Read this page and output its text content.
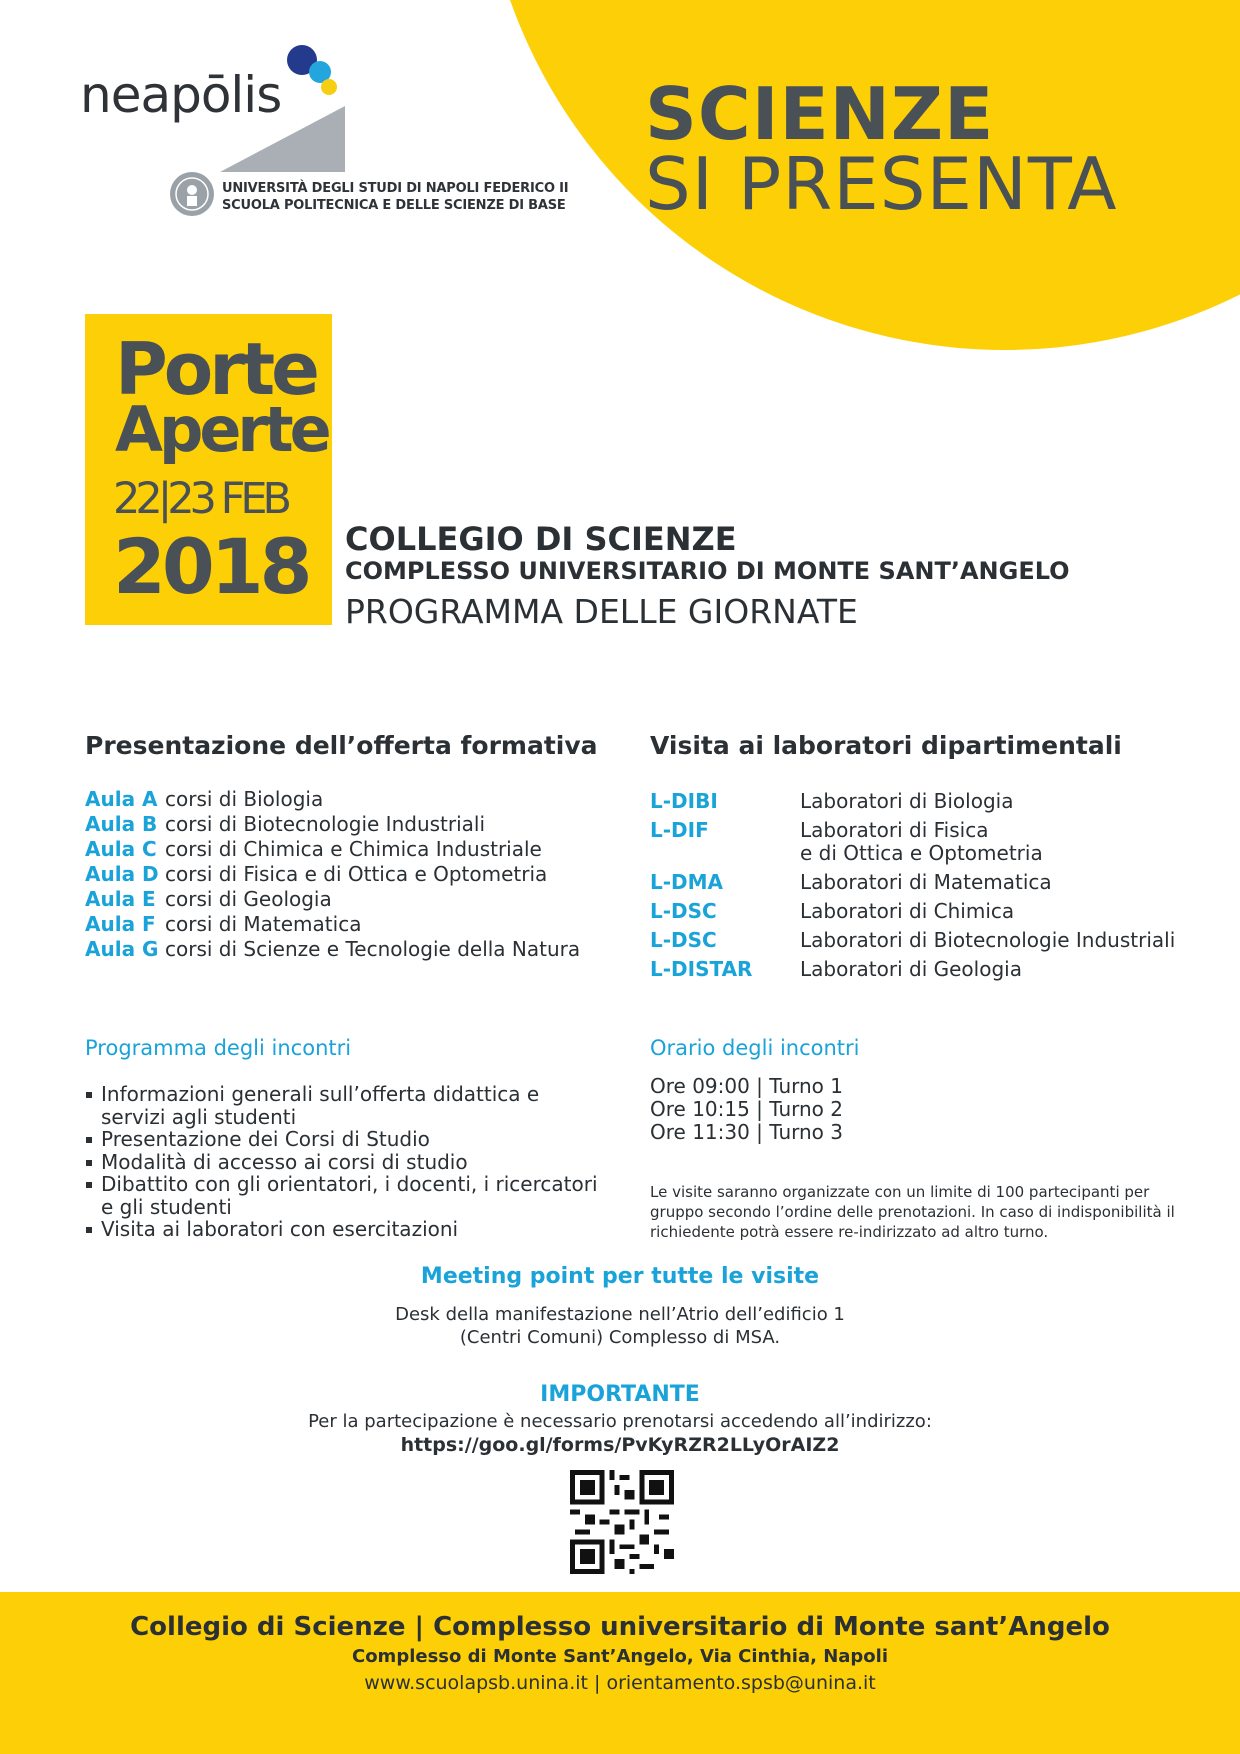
SCIENZE
SI PRESENTA
neapōlis
UNIVERSITÀ DEGLI STUDI DI NAPOLI FEDERICO II
SCUOLA POLITECNICA E DELLE SCIENZE DI BASE
Porte
Aperte
22|23 FEB
2018 COLLEGIO DI SCIENZE
COMPLESSO UNIVERSITARIO DI MONTE SANT’ANGELO
PROGRAMMA DELLE GIORNATE
Presentazione dell’offerta formativa
Aula A corsi di Biologia
Aula B corsi di Biotecnologie Industriali
Aula C corsi di Chimica e Chimica Industriale
Aula D corsi di Fisica e di Ottica e Optometria
Aula E corsi di Geologia
Aula F corsi di Matematica
Aula G corsi di Scienze e Tecnologie della Natura
Visita ai laboratori dipartimentali
L-DIBI	Laboratori di Biologia
L-DIF	Laboratori di Fisica
e di Ottica e Optometria
L-DMA	Laboratori di Matematica
L-DSC	Laboratori di Chimica
L-DSC	Laboratori di Biotecnologie Industriali
L-DISTAR Laboratori di Geologia
Programma degli incontri
Informazioni generali sull’offerta didattica e servizi agli studenti
Presentazione dei Corsi di Studio
Modalità di accesso ai corsi di studio
Dibattito con gli orientatori, i docenti, i ricercatori e gli studenti
Visita ai laboratori con esercitazioni
Orario degli incontri
Ore 09:00 | Turno 1
Ore 10:15 | Turno 2
Ore 11:30 | Turno 3
Le visite saranno organizzate con un limite di 100 partecipanti per gruppo secondo l’ordine delle prenotazioni. In caso di indisponibilità il richiedente potrà essere re-indirizzato ad altro turno.
Meeting point per tutte le visite
Desk della manifestazione nell’Atrio dell’edificio 1
(Centri Comuni) Complesso di MSA.
IMPORTANTE
Per la partecipazione è necessario prenotarsi accedendo all’indirizzo:
https://goo.gl/forms/PvKyRZR2LLyOrAIZ2
Collegio di Scienze | Complesso universitario di Monte sant’Angelo
Complesso di Monte Sant’Angelo, Via Cinthia, Napoli
www.scuolapsb.unina.it | orientamento.spsb@unina.it
